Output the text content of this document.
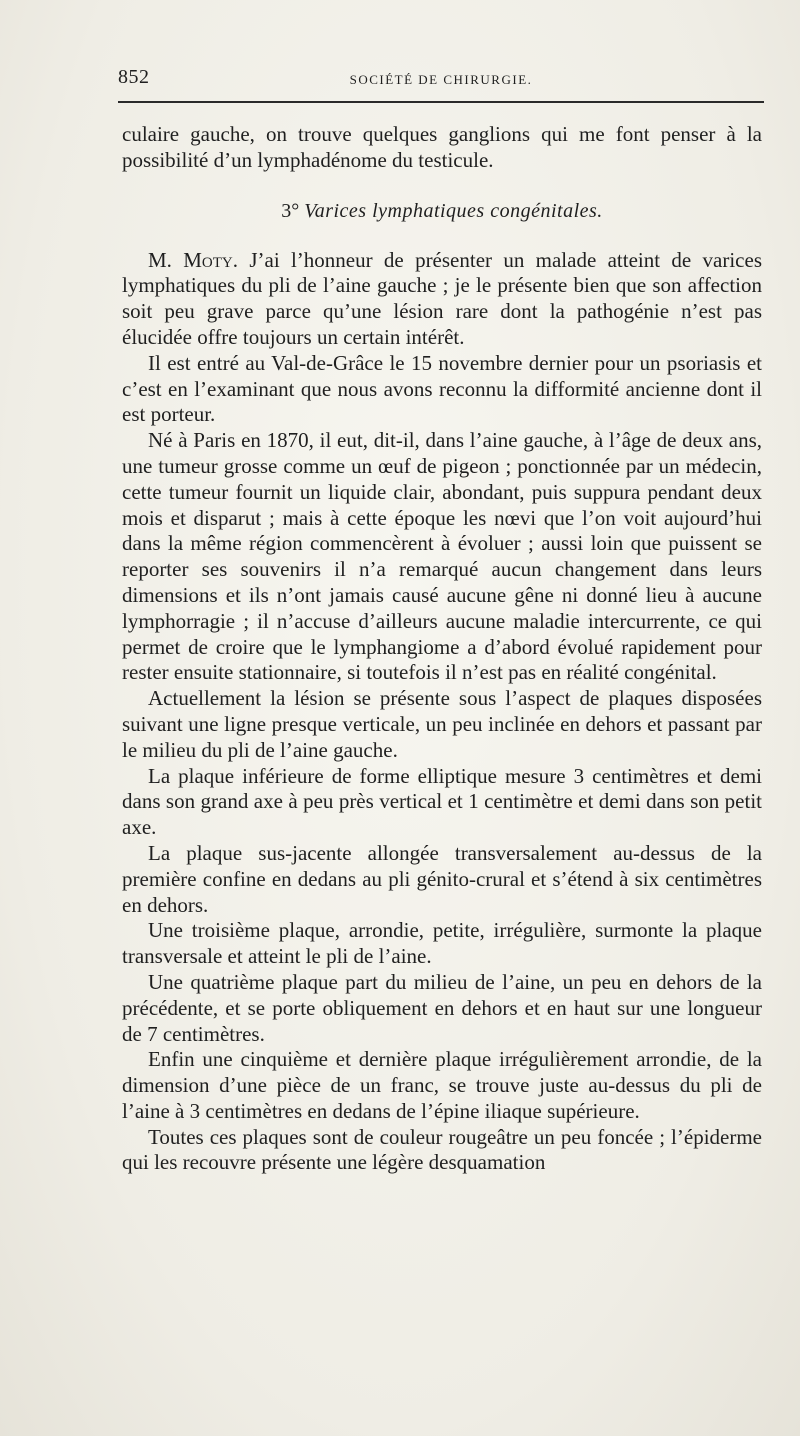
852	SOCIÉTÉ DE CHIRURGIE.

culaire gauche, on trouve quelques ganglions qui me font penser à la possibilité d’un lymphadénome du testicule.

3° Varices lymphatiques congénitales.

M. Moty. J’ai l’honneur de présenter un malade atteint de varices lymphatiques du pli de l’aine gauche ; je le présente bien que son affection soit peu grave parce qu’une lésion rare dont la pathogénie n’est pas élucidée offre toujours un certain intérêt.

Il est entré au Val-de-Grâce le 15 novembre dernier pour un psoriasis et c’est en l’examinant que nous avons reconnu la difformité ancienne dont il est porteur.

Né à Paris en 1870, il eut, dit-il, dans l’aine gauche, à l’âge de deux ans, une tumeur grosse comme un œuf de pigeon ; ponctionnée par un médecin, cette tumeur fournit un liquide clair, abondant, puis suppura pendant deux mois et disparut ; mais à cette époque les nœvi que l’on voit aujourd’hui dans la même région commencèrent à évoluer ; aussi loin que puissent se reporter ses souvenirs il n’a remarqué aucun changement dans leurs dimensions et ils n’ont jamais causé aucune gêne ni donné lieu à aucune lymphorragie ; il n’accuse d’ailleurs aucune maladie intercurrente, ce qui permet de croire que le lymphangiome a d’abord évolué rapidement pour rester ensuite stationnaire, si toutefois il n’est pas en réalité congénital.

Actuellement la lésion se présente sous l’aspect de plaques disposées suivant une ligne presque verticale, un peu inclinée en dehors et passant par le milieu du pli de l’aine gauche.

La plaque inférieure de forme elliptique mesure 3 centimètres et demi dans son grand axe à peu près vertical et 1 centimètre et demi dans son petit axe.

La plaque sus-jacente allongée transversalement au-dessus de la première confine en dedans au pli génito-crural et s’étend à six centimètres en dehors.

Une troisième plaque, arrondie, petite, irrégulière, surmonte la plaque transversale et atteint le pli de l’aine.

Une quatrième plaque part du milieu de l’aine, un peu en dehors de la précédente, et se porte obliquement en dehors et en haut sur une longueur de 7 centimètres.

Enfin une cinquième et dernière plaque irrégulièrement arrondie, de la dimension d’une pièce de un franc, se trouve juste au-dessus du pli de l’aine à 3 centimètres en dedans de l’épine iliaque supérieure.

Toutes ces plaques sont de couleur rougeâtre un peu foncée ; l’épiderme qui les recouvre présente une légère desquamation
